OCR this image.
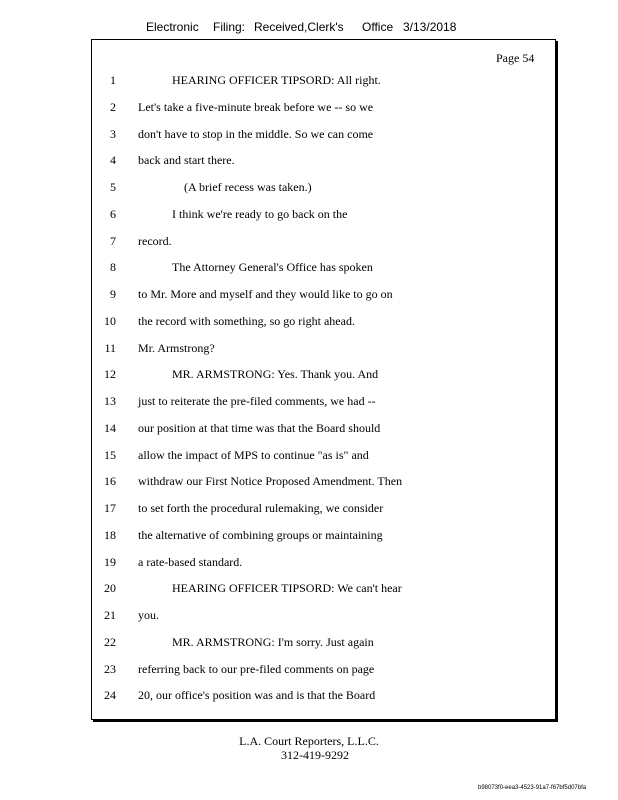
Electronic Filing: Received,Clerk's Office 3/13/2018
Page 54
1	HEARING OFFICER TIPSORD: All right.
2 Let's take a five-minute break before we -- so we
3 don't have to stop in the middle. So we can come
4 back and start there.
5	(A brief recess was taken.)
6	I think we're ready to go back on the
7 record.
8	The Attorney General's Office has spoken
9 to Mr. More and myself and they would like to go on
10 the record with something, so go right ahead.
11 Mr. Armstrong?
12	MR. ARMSTRONG: Yes. Thank you. And
13 just to reiterate the pre-filed comments, we had --
14 our position at that time was that the Board should
15 allow the impact of MPS to continue "as is" and
16 withdraw our First Notice Proposed Amendment. Then
17 to set forth the procedural rulemaking, we consider
18 the alternative of combining groups or maintaining
19 a rate-based standard.
20	HEARING OFFICER TIPSORD: We can't hear
21 you.
22	MR. ARMSTRONG: I'm sorry. Just again
23 referring back to our pre-filed comments on page
24 20, our office's position was and is that the Board
L.A. Court Reporters, L.L.C.
312-419-9292
b98073f0-eea3-4523-91a7-f67bf5d07bfa
